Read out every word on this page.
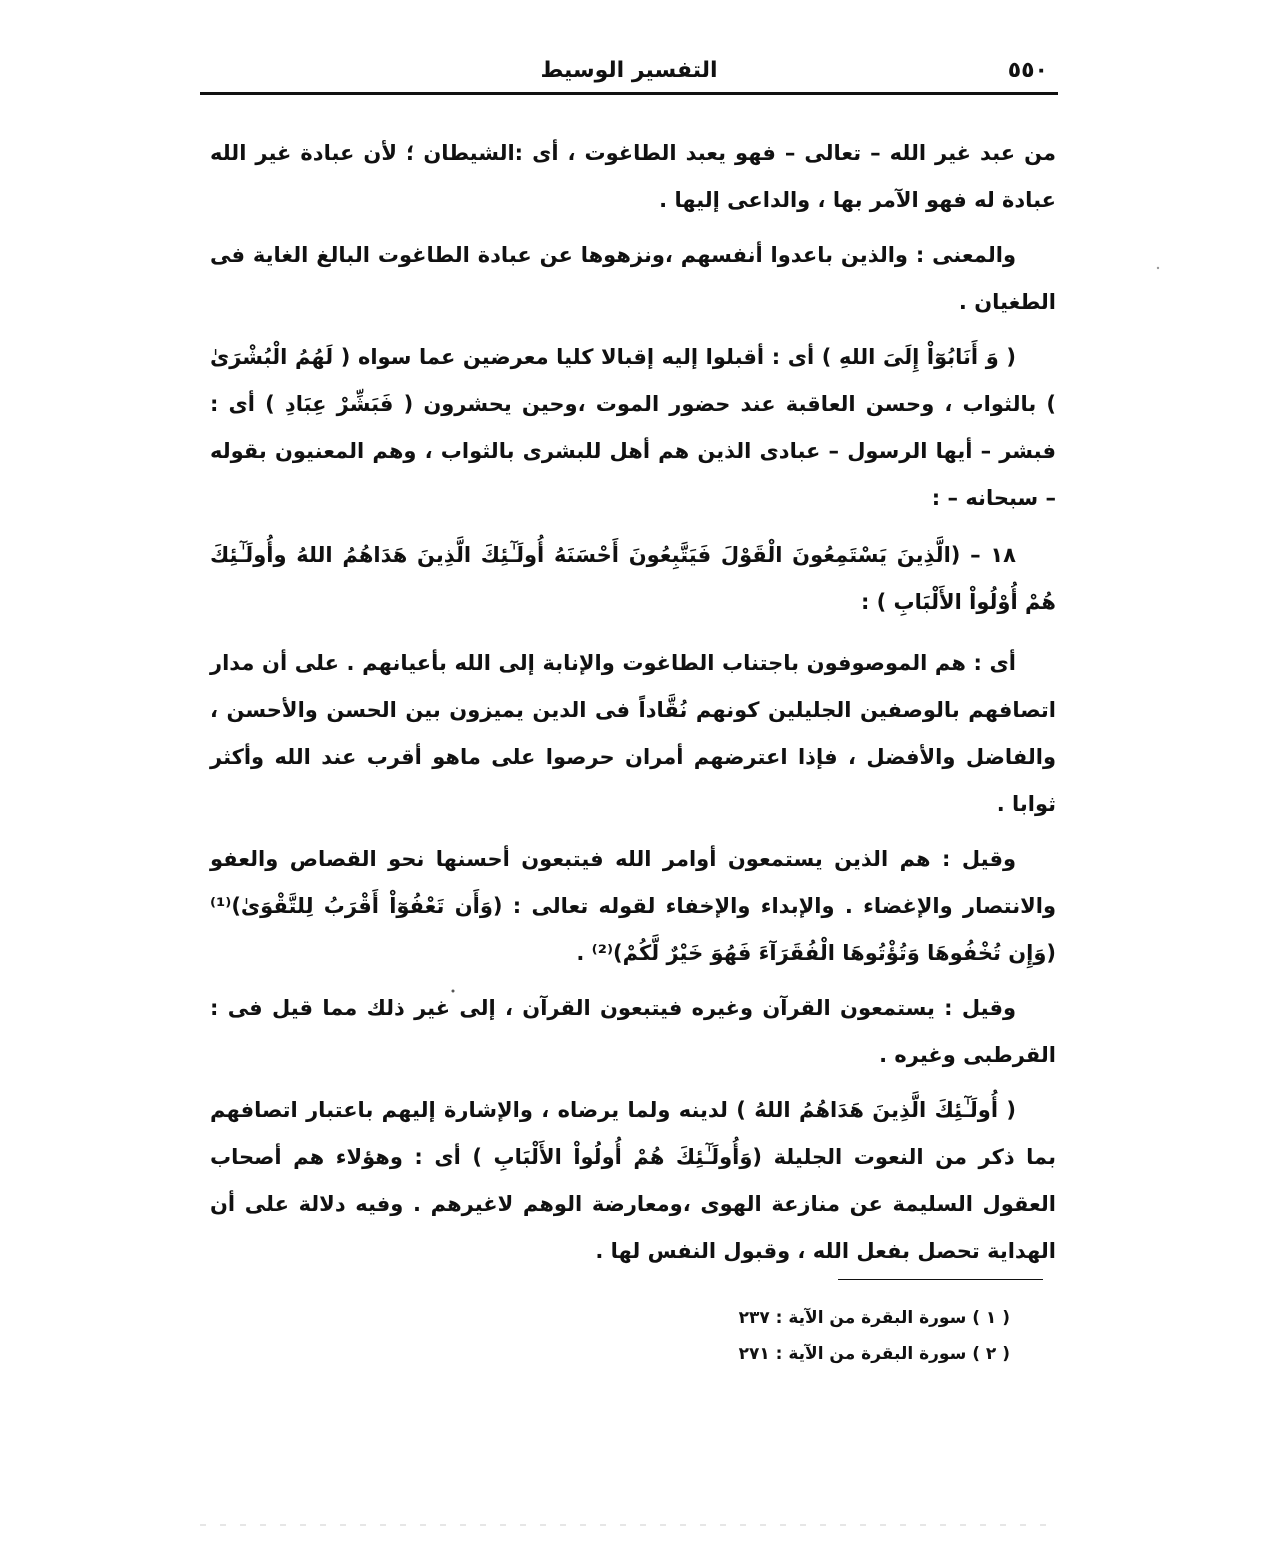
التفسير الوسيط	٥٥٠

من عبد غير الله – تعالى – فهو يعبد الطاغوت ، أى :الشيطان ؛ لأن عبادة غير الله عبادة له فهو الآمر بها ، والداعى إليها .

والمعنى : والذين باعدوا أنفسهم ،ونزهوها عن عبادة الطاغوت البالغ الغاية فى الطغيان .

( وَ أَنَابُوٓاْ إِلَىَ اللهِ ) أى : أقبلوا إليه إقبالا كليا معرضين عما سواه ( لَهُمُ الْبُشْرَىٰ ) بالثواب ، وحسن العاقبة عند حضور الموت ،وحين يحشرون ( فَبَشِّرْ عِبَادِ ) أى : فبشر – أيها الرسول – عبادى الذين هم أهل للبشرى بالثواب ، وهم المعنيون بقوله – سبحانه – :

١٨ – (الَّذِينَ يَسْتَمِعُونَ الْقَوْلَ فَيَتَّبِعُونَ أَحْسَنَهُ أُولَـٰٓئِكَ الَّذِينَ هَدَاهُمُ اللهُ وأُولَـٰٓئِكَ هُمْ أُوْلُواْ الأَلْبَابِ ) :

أى : هم الموصوفون باجتناب الطاغوت والإنابة إلى الله بأعيانهم . على أن مدار اتصافهم بالوصفين الجليلين كونهم نُقَّاداً فى الدين يميزون بين الحسن والأحسن ، والفاضل والأفضل ، فإذا اعترضهم أمران حرصوا على ماهو أقرب عند الله وأكثر ثوابا .

وقيل : هم الذين يستمعون أوامر الله فيتبعون أحسنها نحو القصاص والعفو والانتصار والإغضاء . والإبداء والإخفاء لقوله تعالى : (وَأَن تَعْفُوٓاْ أَقْرَبُ لِلتَّقْوَىٰ)⁽¹⁾ (وَإِن تُخْفُوهَا وَتُؤْتُوهَا الْفُقَرَآءَ فَهُوَ خَيْرٌ لَّكُمْ)⁽²⁾ .

وقيل : يستمعون القرآن وغيره فيتبعون القرآن ، إلى غير ذلك مما قيل فى : القرطبى وغيره .

( أُولَـٰٓئِكَ الَّذِينَ هَدَاهُمُ اللهُ ) لدينه ولما يرضاه ، والإشارة إليهم باعتبار اتصافهم بما ذكر من النعوت الجليلة (وَأُولَـٰٓئِكَ هُمْ أُولُواْ الأَلْبَابِ ) أى : وهؤلاء هم أصحاب العقول السليمة عن منازعة الهوى ،ومعارضة الوهم لاغيرهم . وفيه دلالة على أن الهداية تحصل بفعل الله ، وقبول النفس لها .

( ١ ) سورة البقرة من الآية : ٢٣٧
( ٢ ) سورة البقرة من الآية : ٢٧١
